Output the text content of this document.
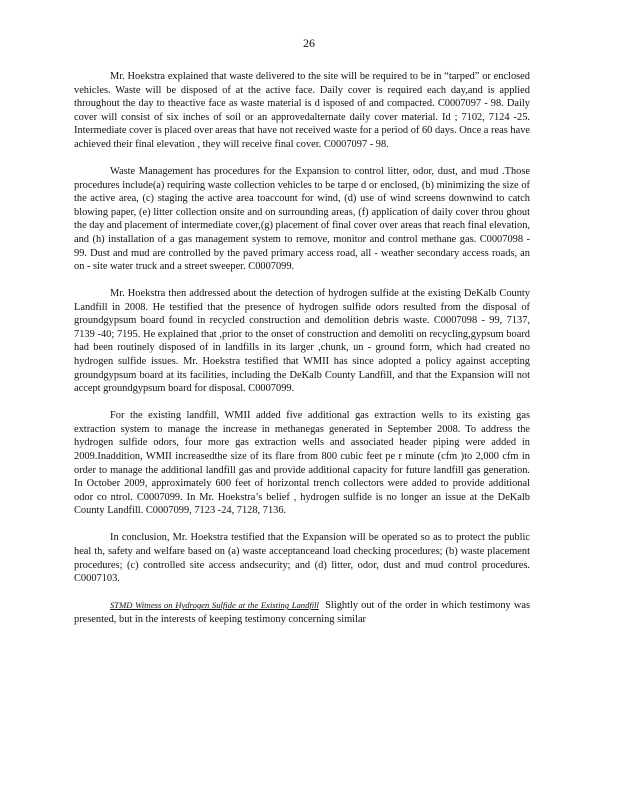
26

Mr. Hoekstra explained that waste delivered to the site will be required to be in “tarped” or enclosed vehicles. Waste will be disposed of at the active face. Daily cover is required each day,and is applied throughout the day to theactive face as waste material is d isposed of and compacted. C0007097 - 98. Daily cover will consist of six inches of soil or an approvedalternate daily cover material. Id ; 7102, 7124 -25. Intermediate cover is placed over areas that have not received waste for a period of 60 days. Once a reas have achieved their final elevation , they will receive final cover. C0007097 - 98.

Waste Management has procedures for the Expansion to control litter, odor, dust, and mud .Those procedures include(a) requiring waste collection vehicles to be tarpe d or enclosed, (b) minimizing the size of the active area, (c) staging the active area toaccount for wind, (d) use of wind screens downwind to catch blowing paper, (e) litter collection onsite and on surrounding areas, (f) application of daily cover throu ghout the day and placement of intermediate cover,(g) placement of final cover over areas that reach final elevation, and (h) installation of a gas management system to remove, monitor and control methane gas. C0007098 - 99. Dust and mud are controlled by the paved primary access road, all - weather secondary access roads, an on - site water truck and a street sweeper. C0007099.

Mr. Hoekstra then addressed about the detection of hydrogen sulfide at the existing DeKalb County Landfill in 2008. He testified that the presence of hydrogen sulfide odors resulted from the disposal of groundgypsum board found in recycled construction and demolition debris waste. C0007098 - 99, 7137, 7139 -40; 7195. He explained that ,prior to the onset of construction and demoliti on recycling,gypsum board had been routinely disposed of in landfills in its larger ,chunk, un - ground form, which had created no hydrogen sulfide issues. Mr. Hoekstra testified that WMII has since adopted a policy against accepting groundgypsum board at its facilities, including the DeKalb County Landfill, and that the Expansion will not accept groundgypsum board for disposal. C0007099.

For the existing landfill, WMII added five additional gas extraction wells to its existing gas extraction system to manage the increase in methanegas generated in September 2008. To address the hydrogen sulfide odors, four more gas extraction wells and associated header piping were added in 2009.Inaddition, WMII increasedthe size of its flare from 800 cubic feet pe r minute (cfm )to 2,000 cfm in order to manage the additional landfill gas and provide additional capacity for future landfill gas generation. In October 2009, approximately 600 feet of horizontal trench collectors were added to provide additional odor co ntrol. C0007099. In Mr. Hoekstra’s belief , hydrogen sulfide is no longer an issue at the DeKalb County Landfill. C0007099, 7123 -24, 7128, 7136.

In conclusion, Mr. Hoekstra testified that the Expansion will be operated so as to protect the public heal th, safety and welfare based on (a) waste acceptanceand load checking procedures; (b) waste placement procedures; (c) controlled site access andsecurity; and (d) litter, odor, dust and mud control procedures. C0007103.

STMD Witness on Hydrogen Sulfide at the Existing Landfill Slightly out of the order in which testimony was presented, but in the interests of keeping testimony concerning similar
